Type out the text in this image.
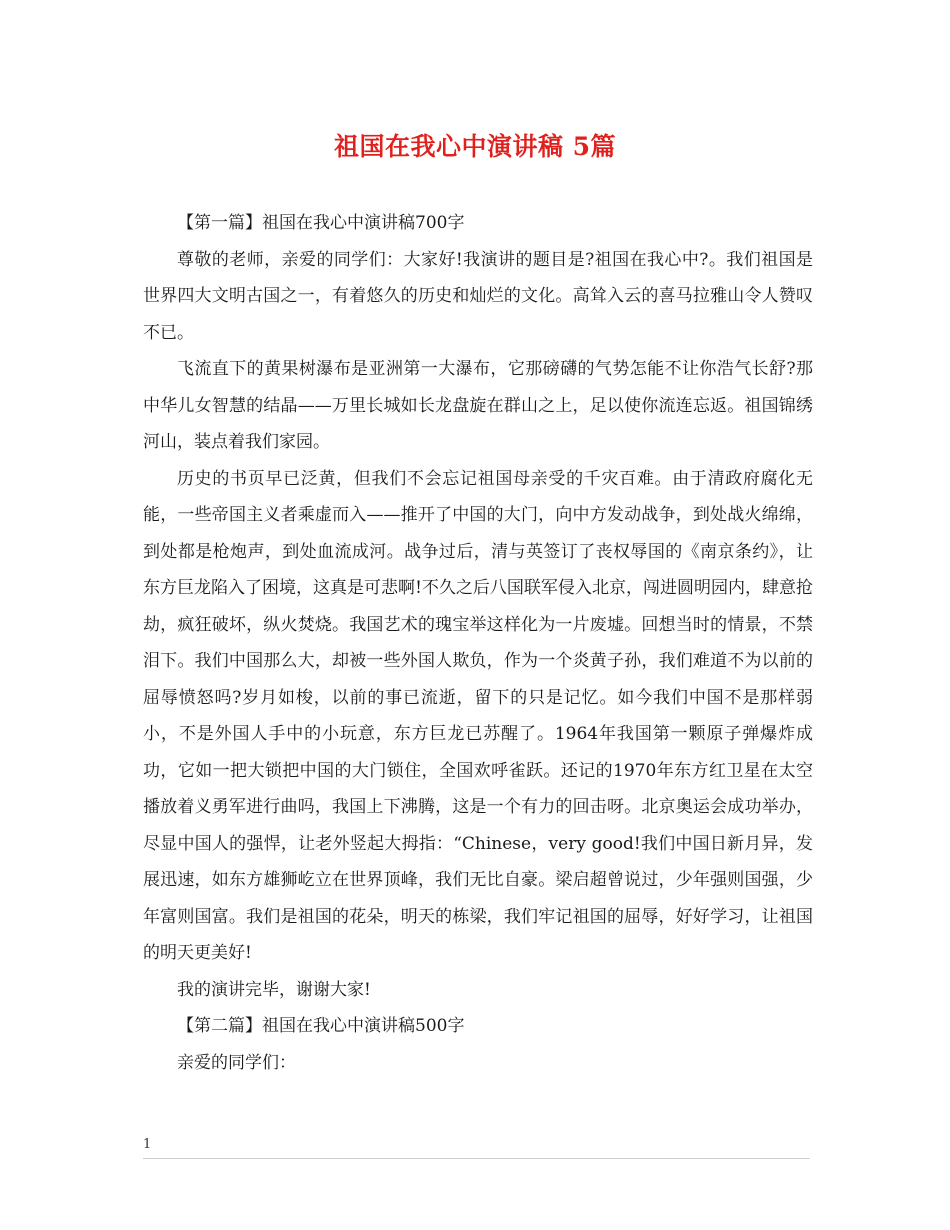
祖国在我心中演讲稿 5篇

【第一篇】祖国在我心中演讲稿700字

尊敬的老师，亲爱的同学们：大家好!我演讲的题目是?祖国在我心中?。我们祖国是世界四大文明古国之一，有着悠久的历史和灿烂的文化。高耸入云的喜马拉雅山令人赞叹不已。

飞流直下的黄果树瀑布是亚洲第一大瀑布，它那磅礴的气势怎能不让你浩气长舒?那中华儿女智慧的结晶——万里长城如长龙盘旋在群山之上，足以使你流连忘返。祖国锦绣河山，装点着我们家园。

历史的书页早已泛黄，但我们不会忘记祖国母亲受的千灾百难。由于清政府腐化无能，一些帝国主义者乘虚而入——推开了中国的大门，向中方发动战争，到处战火绵绵，到处都是枪炮声，到处血流成河。战争过后，清与英签订了丧权辱国的《南京条约》，让东方巨龙陷入了困境，这真是可悲啊!不久之后八国联军侵入北京，闯进圆明园内，肆意抢劫，疯狂破坏，纵火焚烧。我国艺术的瑰宝举这样化为一片废墟。回想当时的情景，不禁泪下。我们中国那么大，却被一些外国人欺负，作为一个炎黄子孙，我们难道不为以前的屈辱愤怒吗?岁月如梭，以前的事已流逝，留下的只是记忆。如今我们中国不是那样弱小，不是外国人手中的小玩意，东方巨龙已苏醒了。1964年我国第一颗原子弹爆炸成功，它如一把大锁把中国的大门锁住，全国欢呼雀跃。还记的1970年东方红卫星在太空播放着义勇军进行曲吗，我国上下沸腾，这是一个有力的回击呀。北京奥运会成功举办，尽显中国人的强悍，让老外竖起大拇指：“Chinese，very good!我们中国日新月异，发展迅速，如东方雄狮屹立在世界顶峰，我们无比自豪。梁启超曾说过，少年强则国强，少年富则国富。我们是祖国的花朵，明天的栋梁，我们牢记祖国的屈辱，好好学习，让祖国的明天更美好!

我的演讲完毕，谢谢大家!

【第二篇】祖国在我心中演讲稿500字

亲爱的同学们：

1
